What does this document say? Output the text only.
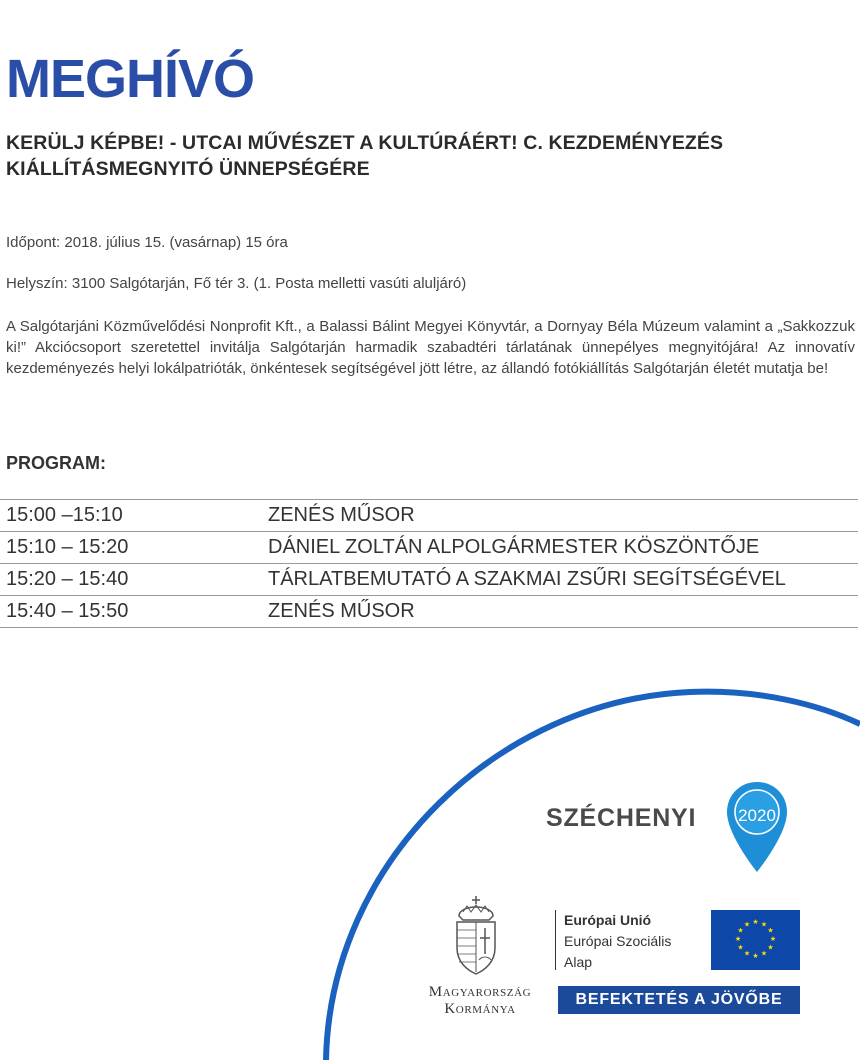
MEGHÍVÓ
KERÜLJ KÉPBE! - UTCAI MŰVÉSZET A KULTÚRÁÉRT! C. KEZDEMÉNYEZÉS KIÁLLÍTÁSMEGNYITÓ ÜNNEPSÉGÉRE
Időpont: 2018. július 15. (vasárnap) 15 óra
Helyszín: 3100 Salgótarján, Fő tér 3. (1. Posta melletti vasúti aluljáró)
A Salgótarjáni Közművelődési Nonprofit Kft., a Balassi Bálint Megyei Könyvtár, a Dornyay Béla Múzeum valamint a „Sakkozzuk ki!” Akciócsoport szeretettel invitálja Salgótarján harmadik szabadtéri tárlatának ünnepélyes megnyitójára! Az innovatív kezdeményezés helyi lokálpatrióták, önkéntesek segítségével jött létre, az állandó fotókiállítás Salgótarján életét mutatja be!
PROGRAM:
15:00 –15:10	ZENÉS MŰSOR
15:10 – 15:20	DÁNIEL ZOLTÁN ALPOLGÁRMESTER KÖSZÖNTŐJE
15:20 – 15:40	TÁRLATBEMUTATÓ A SZAKMAI ZSŰRI SEGÍTSÉGÉVEL
15:40 – 15:50	ZENÉS MŰSOR
SZÉCHENYI	2020
Magyarország
Kormánya
Európai Unió
Európai Szociális
Alap
★ ★
★
★
★
★
★
★
★
★
★
★
BEFEKTETÉS A JÖVŐBE
